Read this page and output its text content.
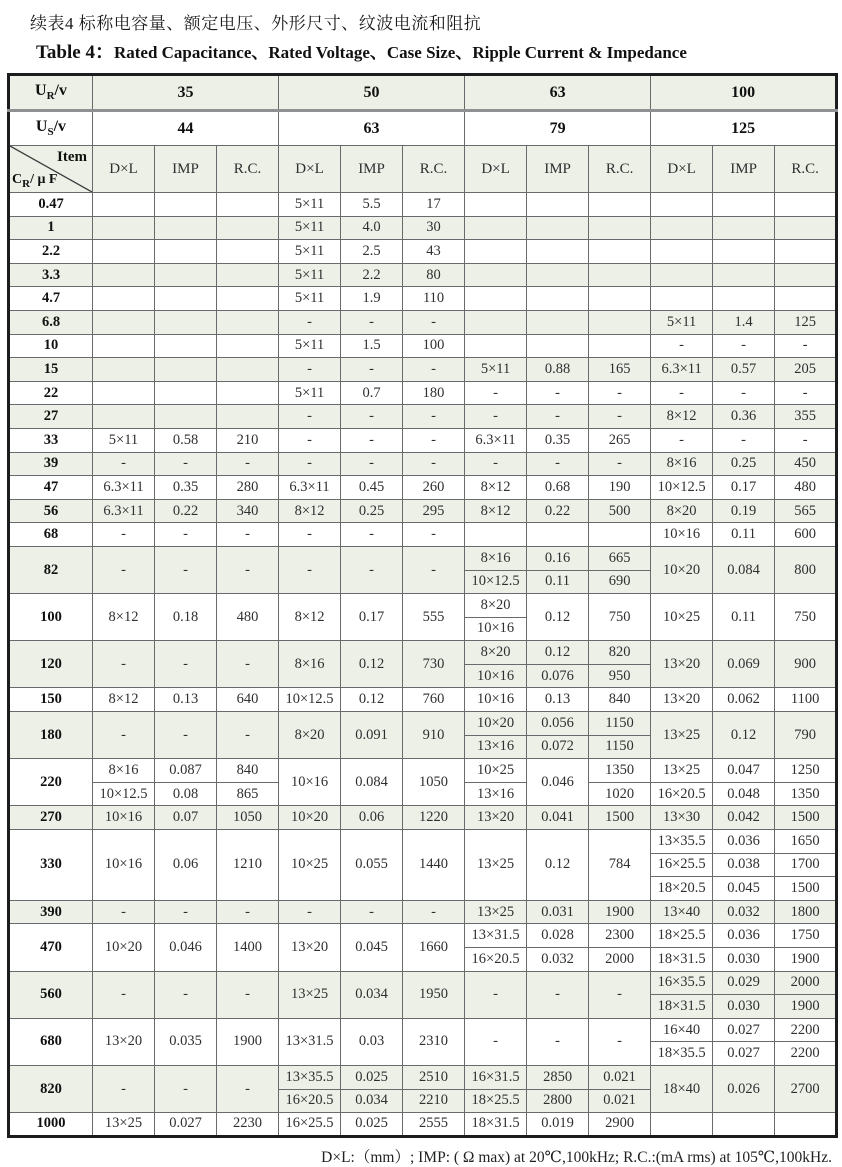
续表4 标称电容量、额定电压、外形尺寸、纹波电流和阻抗
Table 4：Rated Capacitance、Rated Voltage、Case Size、Ripple Current & Impedance
$U_R/v$	35			50			63			100		
$U_S/v$	44			63			79			125		

Item
$C_R/$ μ F	D×L	IMP	R.C.	D×L	IMP	R.C.	D×L	IMP	R.C.	D×L	IMP	R.C.
0.47				5×11	5.5	17						
1				5×11	4.0	30						
2.2				5×11	2.5	43						
3.3				5×11	2.2	80						
4.7				5×11	1.9	110						
6.8				-	-	-				5×11	1.4	125
10				5×11	1.5	100				-	-	-
15				-	-	-	5×11	0.88	165	6.3×11	0.57	205
22				5×11	0.7	180	-	-	-	-	-	-
27				-	-	-	-	-	-	8×12	0.36	355
33	5×11	0.58	210	-	-	-	6.3×11	0.35	265	-	-	-
39	-	-	-	-	-	-	-	-	-	8×16	0.25	450
47	6.3×11	0.35	280	6.3×11	0.45	260	8×12	0.68	190	10×12.5	0.17	480
56	6.3×11	0.22	340	8×12	0.25	295	8×12	0.22	500	8×20	0.19	565
68	-	-	-	-	-	-				10×16	0.11	600
82	-	-	-	-	-	-	8×16	0.16	665	10×20	0.084	800
							10×12.5	0.11	690			
100	8×12	0.18	480	8×12	0.17	555	8×20	0.12	750	10×25	0.11	750
							10×16					
120	-	-	-	8×16	0.12	730	8×20	0.12	820	13×20	0.069	900
							10×16	0.076	950			
150	8×12	0.13	640	10×12.5	0.12	760	10×16	0.13	840	13×20	0.062	1100
180	-	-	-	8×20	0.091	910	10×20	0.056	1150	13×25	0.12	790
							13×16	0.072	1150			
220	8×16	0.087	840	10×16	0.084	1050	10×25	0.046	1350	13×25	0.047	1250
	10×12.5	0.08	865				13×16		1020	16×20.5	0.048	1350
270	10×16	0.07	1050	10×20	0.06	1220	13×20	0.041	1500	13×30	0.042	1500
330	10×16	0.06	1210	10×25	0.055	1440	13×25	0.12	784	13×35.5	0.036	1650
										16×25.5	0.038	1700
										18×20.5	0.045	1500
390	-	-	-	-	-	-	13×25	0.031	1900	13×40	0.032	1800
470	10×20	0.046	1400	13×20	0.045	1660	13×31.5	0.028	2300	18×25.5	0.036	1750
							16×20.5	0.032	2000	18×31.5	0.030	1900
560	-	-	-	13×25	0.034	1950	-	-	-	16×35.5	0.029	2000
										18×31.5	0.030	1900
680	13×20	0.035	1900	13×31.5	0.03	2310	-	-	-	16×40	0.027	2200
										18×35.5	0.027	2200
820	-	-	-	13×35.5	0.025	2510	16×31.5	2850	0.021	18×40	0.026	2700
				16×20.5	0.034	2210	18×25.5	2800	0.021			
1000	13×25	0.027	2230	16×25.5	0.025	2555	18×31.5	0.019	2900			
D×L:（mm）; IMP: ( Ω max) at 20℃,100kHz; R.C.:(mA rms) at 105℃,100kHz.
